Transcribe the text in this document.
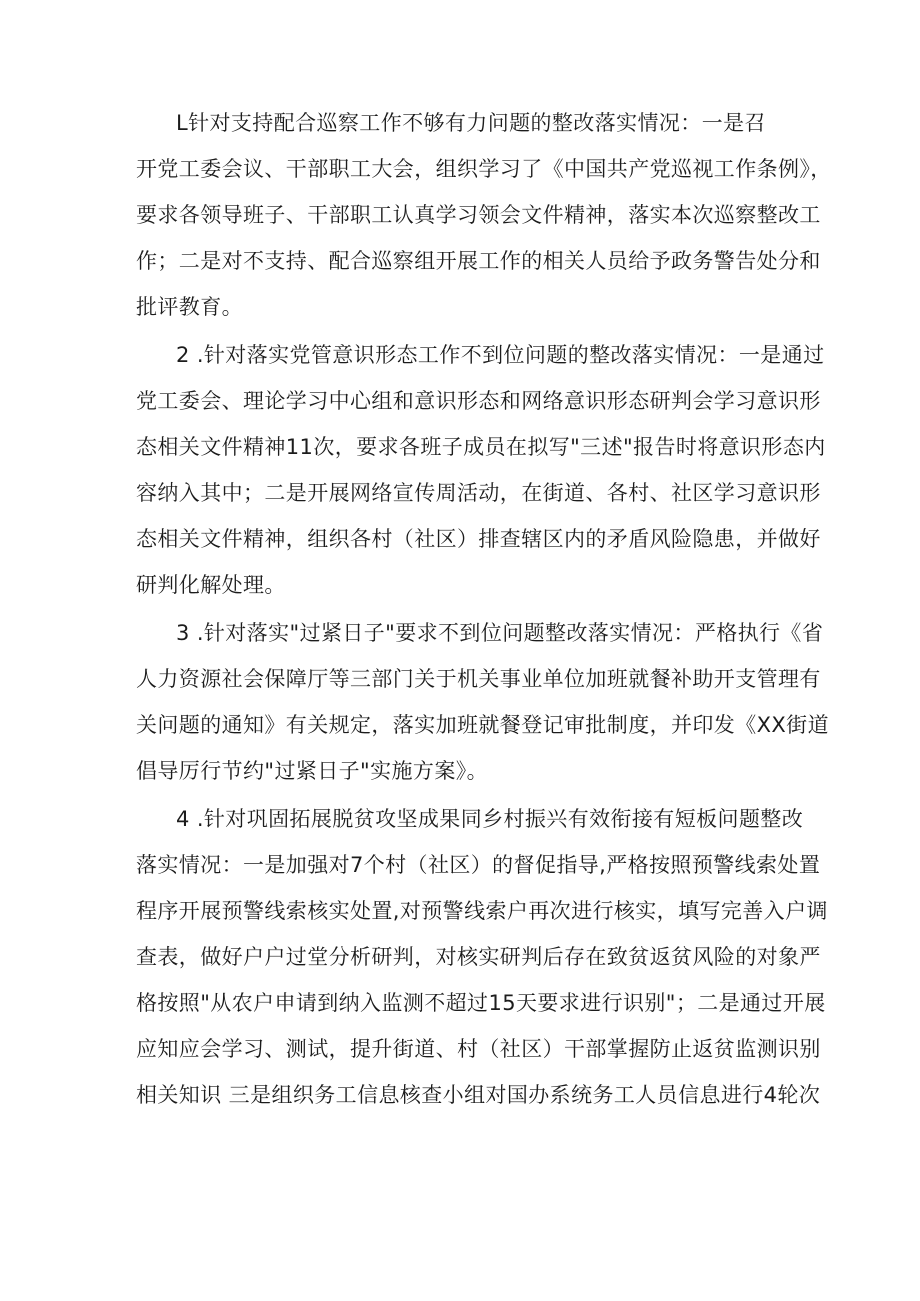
L针对支持配合巡察工作不够有力问题的整改落实情况：一是召
开党工委会议、干部职工大会，组织学习了《中国共产党巡视工作条例》，
要求各领导班子、干部职工认真学习领会文件精神，落实本次巡察整改工
作；二是对不支持、配合巡察组开展工作的相关人员给予政务警告处分和
批评教育。
2 .针对落实党管意识形态工作不到位问题的整改落实情况：一是通过
党工委会、理论学习中心组和意识形态和网络意识形态研判会学习意识形
态相关文件精神11次，要求各班子成员在拟写"三述"报告时将意识形态内
容纳入其中；二是开展网络宣传周活动，在街道、各村、社区学习意识形
态相关文件精神，组织各村（社区）排查辖区内的矛盾风险隐患，并做好
研判化解处理。
3 .针对落实"过紧日子"要求不到位问题整改落实情况：严格执行《省
人力资源社会保障厅等三部门关于机关事业单位加班就餐补助开支管理有
关问题的通知》有关规定，落实加班就餐登记审批制度，并印发《XX街道
倡导厉行节约"过紧日子"实施方案》。
4 .针对巩固拓展脱贫攻坚成果同乡村振兴有效衔接有短板问题整改
落实情况：一是加强对7个村（社区）的督促指导,严格按照预警线索处置
程序开展预警线索核实处置,对预警线索户再次进行核实，填写完善入户调
查表，做好户户过堂分析研判，对核实研判后存在致贫返贫风险的对象严
格按照"从农户申请到纳入监测不超过15天要求进行识别"；二是通过开展
应知应会学习、测试，提升街道、村（社区）干部掌握防止返贫监测识别
相关知识 三是组织务工信息核查小组对国办系统务工人员信息进行4轮次
